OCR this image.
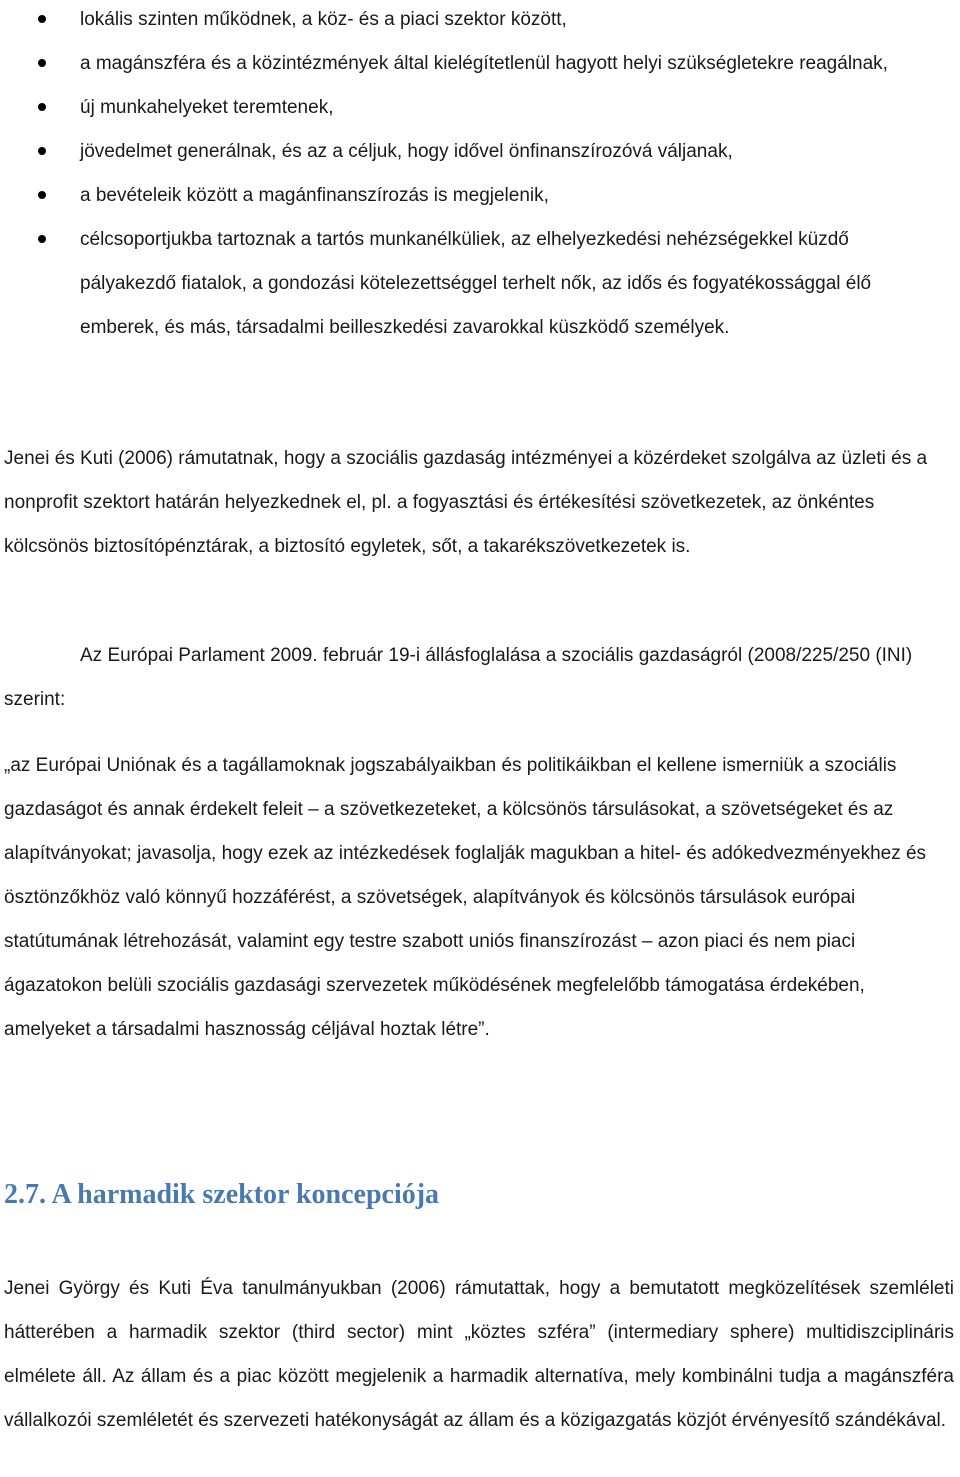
lokális szinten működnek, a köz- és a piaci szektor között,
a magánszféra és a közintézmények által kielégítetlenül hagyott helyi szükségletekre reagálnak,
új munkahelyeket teremtenek,
jövedelmet generálnak, és az a céljuk, hogy idővel önfinanszírozóvá váljanak,
a bevételeik között a magánfinanszírozás is megjelenik,
célcsoportjukba tartoznak a tartós munkanélküliek, az elhelyezkedési nehézségekkel küzdő pályakezdő fiatalok, a gondozási kötelezettséggel terhelt nők, az idős és fogyatékossággal élő emberek, és más, társadalmi beilleszkedési zavarokkal küszködő személyek.

Jenei és Kuti (2006) rámutatnak, hogy a szociális gazdaság intézményei a közérdeket szolgálva az üzleti és a nonprofit szektort határán helyezkednek el, pl. a fogyasztási és értékesítési szövetkezetek, az önkéntes kölcsönös biztosítópénztárak, a biztosító egyletek, sőt, a takarékszövetkezetek is.

Az Európai Parlament 2009. február 19-i állásfoglalása a szociális gazdaságról (2008/225/250 (INI) szerint:

„az Európai Uniónak és a tagállamoknak jogszabályaikban és politikáikban el kellene ismerniük a szociális gazdaságot és annak érdekelt feleit – a szövetkezeteket, a kölcsönös társulásokat, a szövetségeket és az alapítványokat; javasolja, hogy ezek az intézkedések foglalják magukban a hitel- és adókedvezményekhez és ösztönzőkhöz való könnyű hozzáférést, a szövetségek, alapítványok és kölcsönös társulások európai statútumának létrehozását, valamint egy testre szabott uniós finanszírozást – azon piaci és nem piaci ágazatokon belüli szociális gazdasági szervezetek működésének megfelelőbb támogatása érdekében, amelyeket a társadalmi hasznosság céljával hoztak létre”.

2.7. A harmadik szektor koncepciója

Jenei György és Kuti Éva tanulmányukban (2006) rámutattak, hogy a bemutatott megközelítések szemléleti hátterében a harmadik szektor (third sector) mint „köztes szféra” (intermediary sphere) multidiszciplináris elmélete áll. Az állam és a piac között megjelenik a harmadik alternatíva, mely kombinálni tudja a magánszféra vállalkozói szemléletét és szervezeti hatékonyságát az állam és a közigazgatás közjót érvényesítő szándékával.
